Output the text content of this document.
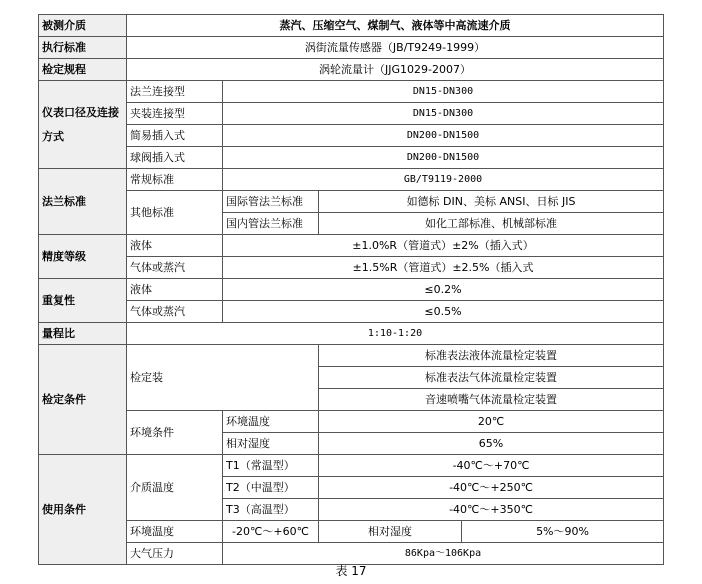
被测介质	蒸汽、压缩空气、煤制气、液体等中高流速介质			
执行标准	涡街流量传感器（JB/T9249-1999）			
检定规程	涡轮流量计（JJG1029-2007）			
仪表口径及连接方式	法兰连接型	DN15-DN300		
	夹装连接型	DN15-DN300		
	简易插入式	DN200-DN1500		
	球阀插入式	DN200-DN1500		
法兰标准	常规标准	GB/T9119-2000		
	其他标准	国际管法兰标准	如德标 DIN、美标 ANSI、日标 JIS	
		国内管法兰标准	如化工部标准、机械部标准	
精度等级	液体	±1.0%R（管道式）±2%（插入式）		
	气体或蒸汽	±1.5%R（管道式）±2.5%（插入式		
重复性	液体	≤0.2%		
	气体或蒸汽	≤0.5%		
量程比	1:10-1:20			
检定条件	检定装		标准表法液体流量检定装置	
			标准表法气体流量检定装置	
			音速喷嘴气体流量检定装置	
	环境条件	环境温度	20℃	
		相对湿度	65%	
使用条件	介质温度	T1（常温型）	-40℃～+70℃	
		T2（中温型）	-40℃～+250℃	
		T3（高温型）	-40℃～+350℃	
	环境温度	-20℃～+60℃	相对湿度	5%～90%
	大气压力	86Kpa～106Kpa		
表 17
